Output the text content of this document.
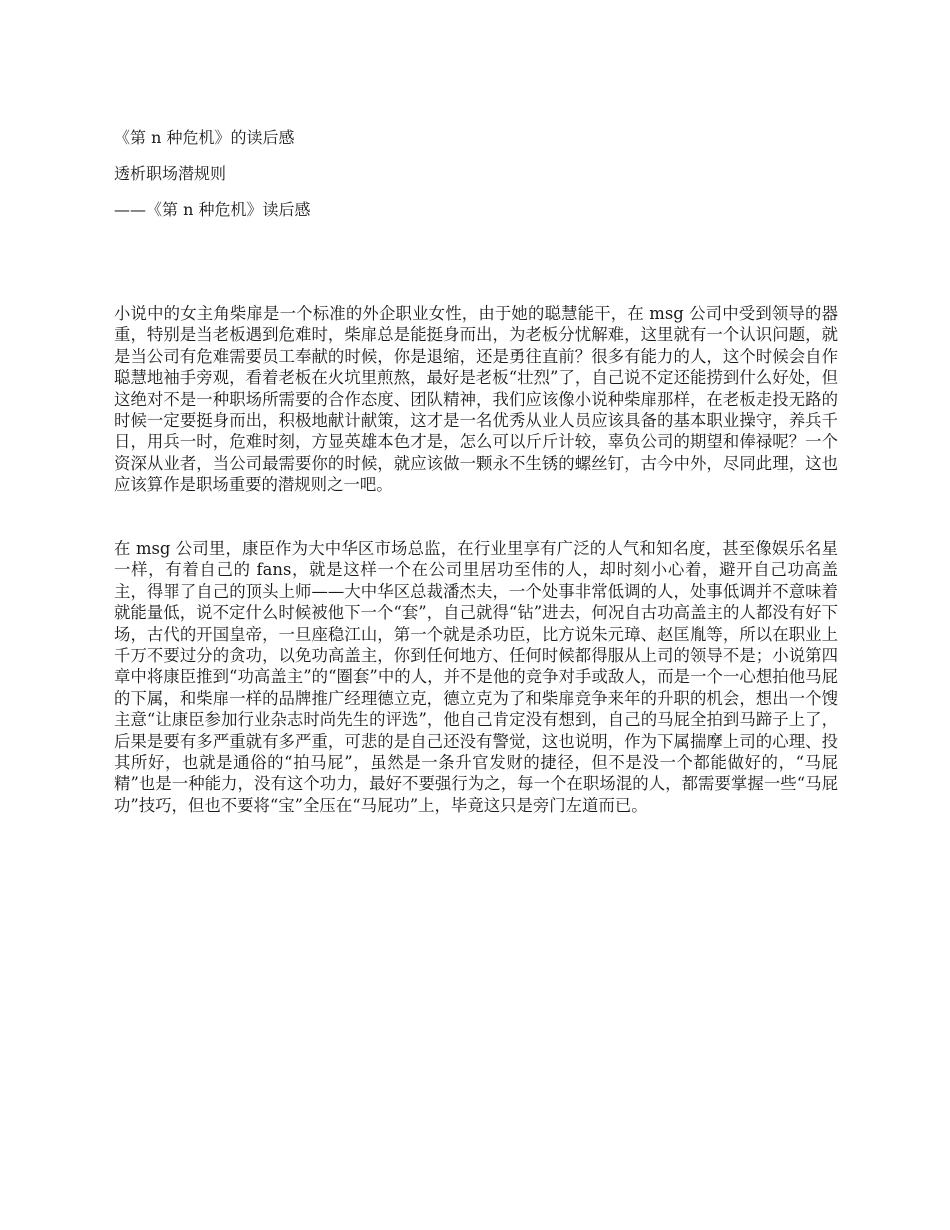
《第 n 种危机》的读后感
透析职场潜规则
——《第 n 种危机》读后感

小说中的女主角柴扉是一个标准的外企职业女性，由于她的聪慧能干，在 msg 公司中受到领导的器重，特别是当老板遇到危难时，柴扉总是能挺身而出，为老板分忧解难，这里就有一个认识问题，就是当公司有危难需要员工奉献的时候，你是退缩，还是勇往直前？很多有能力的人，这个时候会自作聪慧地袖手旁观，看着老板在火坑里煎熬，最好是老板“壮烈”了，自己说不定还能捞到什么好处，但这绝对不是一种职场所需要的合作态度、团队精神，我们应该像小说种柴扉那样，在老板走投无路的时候一定要挺身而出，积极地献计献策，这才是一名优秀从业人员应该具备的基本职业操守，养兵千日，用兵一时，危难时刻，方显英雄本色才是，怎么可以斤斤计较，辜负公司的期望和俸禄呢？一个资深从业者，当公司最需要你的时候，就应该做一颗永不生锈的螺丝钉，古今中外，尽同此理，这也应该算作是职场重要的潜规则之一吧。

在 msg 公司里，康臣作为大中华区市场总监，在行业里享有广泛的人气和知名度，甚至像娱乐名星一样，有着自己的 fans，就是这样一个在公司里居功至伟的人，却时刻小心着，避开自己功高盖主，得罪了自己的顶头上师——大中华区总裁潘杰夫，一个处事非常低调的人，处事低调并不意味着就能量低，说不定什么时候被他下一个“套”，自己就得“钻”进去，何况自古功高盖主的人都没有好下场，古代的开国皇帝，一旦座稳江山，第一个就是杀功臣，比方说朱元璋、赵匡胤等，所以在职业上千万不要过分的贪功，以免功高盖主，你到任何地方、任何时候都得服从上司的领导不是；小说第四章中将康臣推到“功高盖主”的“圈套”中的人，并不是他的竞争对手或敌人，而是一个一心想拍他马屁的下属，和柴扉一样的品牌推广经理德立克，德立克为了和柴扉竞争来年的升职的机会，想出一个馊主意“让康臣参加行业杂志时尚先生的评选”，他自己肯定没有想到，自己的马屁全拍到马蹄子上了，后果是要有多严重就有多严重，可悲的是自己还没有警觉，这也说明，作为下属揣摩上司的心理、投其所好，也就是通俗的“拍马屁”，虽然是一条升官发财的捷径，但不是没一个都能做好的，“马屁精”也是一种能力，没有这个功力，最好不要强行为之，每一个在职场混的人，都需要掌握一些“马屁功”技巧，但也不要将“宝”全压在“马屁功”上，毕竟这只是旁门左道而已。
